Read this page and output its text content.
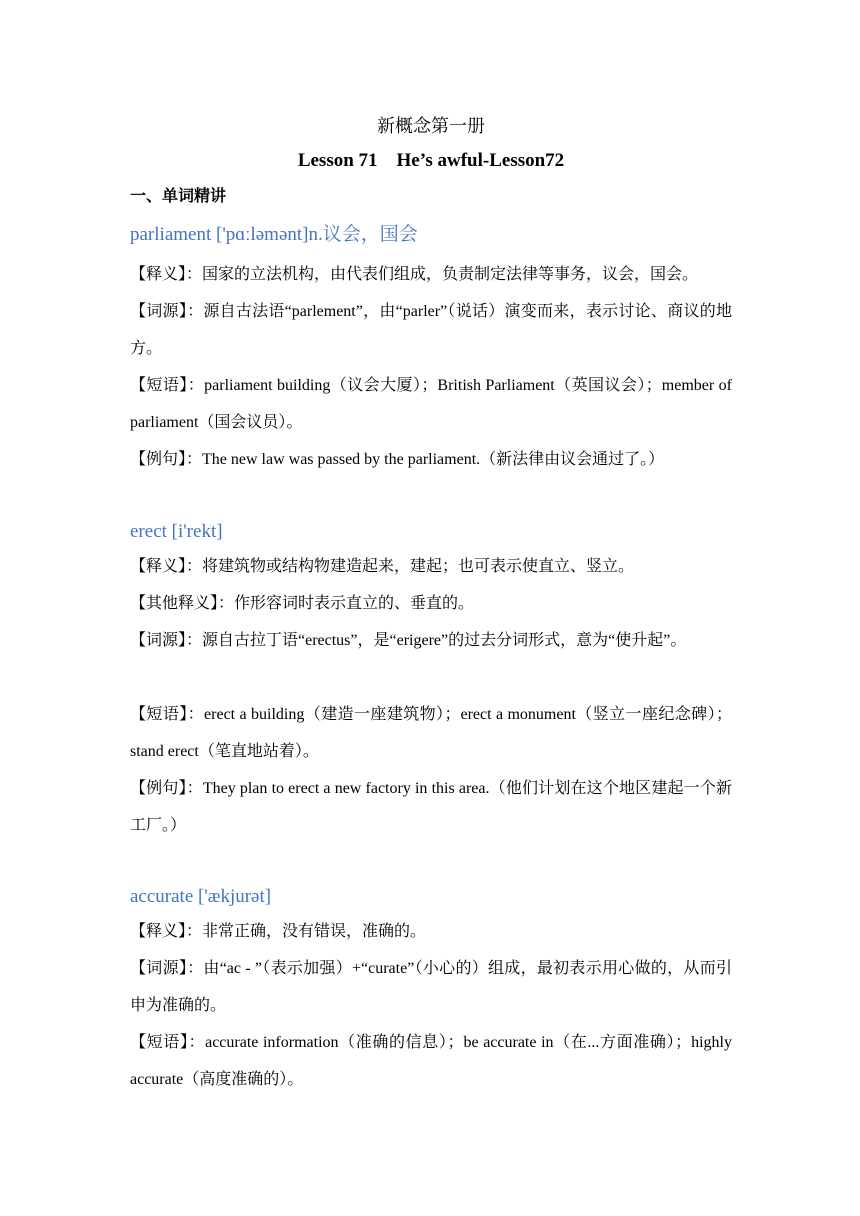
新概念第一册
Lesson 71    He’s awful-Lesson72
一、单词精讲
parliament ['pɑːləmənt]n.议会，国会
【释义】：国家的立法机构，由代表们组成，负责制定法律等事务，议会，国会。
【词源】：源自古法语“parlement”，由“parler”（说话）演变而来，表示讨论、商议的地方。
【短语】：parliament building（议会大厦）；British Parliament（英国议会）；member of parliament（国会议员）。
【例句】：The new law was passed by the parliament.（新法律由议会通过了。）
erect [i'rekt]
【释义】：将建筑物或结构物建造起来，建起；也可表示使直立、竖立。
【其他释义】：作形容词时表示直立的、垂直的。
【词源】：源自古拉丁语“erectus”，是“erigere”的过去分词形式，意为“使升起”。
【短语】：erect a building（建造一座建筑物）；erect a monument（竖立一座纪念碑）；stand erect（笔直地站着）。
【例句】：They plan to erect a new factory in this area.（他们计划在这个地区建起一个新工厂。）
accurate ['ækjurət]
【释义】：非常正确，没有错误，准确的。
【词源】：由“ac - ”（表示加强）+“curate”（小心的）组成，最初表示用心做的，从而引申为准确的。
【短语】：accurate information（准确的信息）；be accurate in（在...方面准确）；highly accurate（高度准确的）。
